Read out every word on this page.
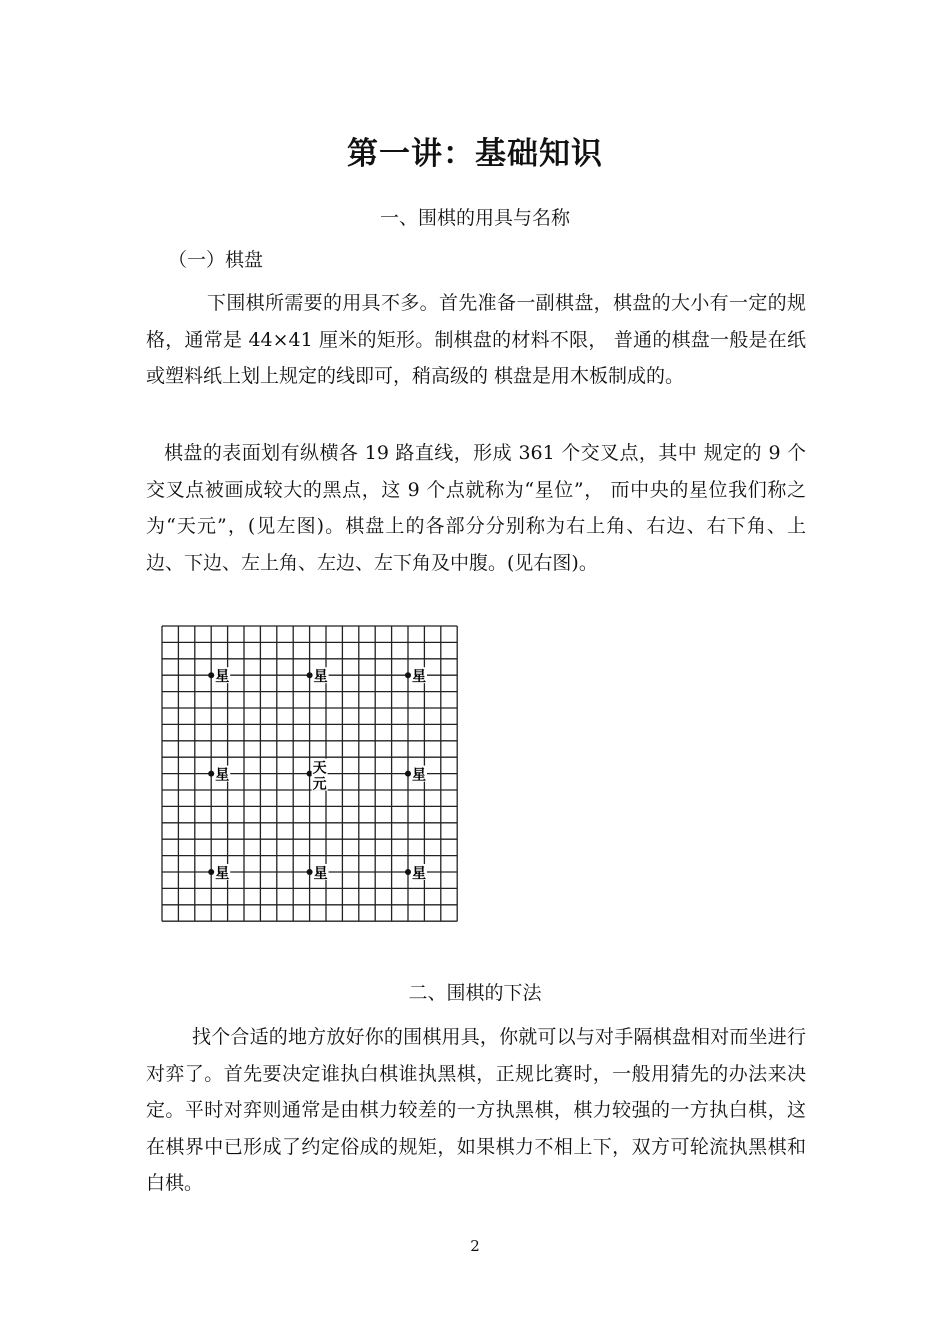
第一讲：基础知识
一、围棋的用具与名称
（一）棋盘
下围棋所需要的用具不多。首先准备一副棋盘，棋盘的大小有一定的规格，通常是 44×41 厘米的矩形。制棋盘的材料不限， 普通的棋盘一般是在纸或塑料纸上划上规定的线即可，稍高级的 棋盘是用木板制成的。
棋盘的表面划有纵横各 19 路直线，形成 361 个交叉点，其中 规定的 9 个交叉点被画成较大的黑点，这 9 个点就称为“星位”， 而中央的星位我们称之为“天元”，(见左图)。棋盘上的各部分分别称为右上角、右边、右下角、上边、下边、左上角、左边、左下角及中腹。(见右图)。
星	星	星
星	天
元
星
星	星	星
二、围棋的下法
找个合适的地方放好你的围棋用具，你就可以与对手隔棋盘相对而坐进行对弈了。首先要决定谁执白棋谁执黑棋，正规比赛时，一般用猜先的办法来决定。平时对弈则通常是由棋力较差的一方执黑棋，棋力较强的一方执白棋，这在棋界中已形成了约定俗成的规矩，如果棋力不相上下，双方可轮流执黑棋和白棋。
2
